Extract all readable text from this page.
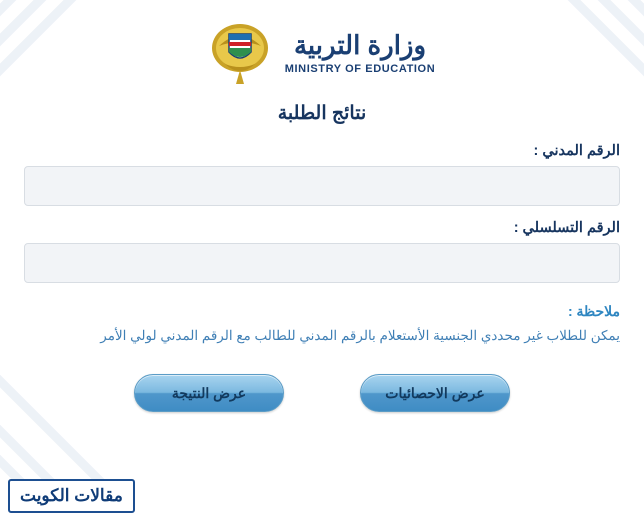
وزارة التربية
MINISTRY OF EDUCATION
نتائج الطلبة
الرقم المدني :
الرقم التسلسلي :
ملاحظة :
يمكن للطلاب غير محددي الجنسية الأستعلام بالرقم المدني للطالب مع الرقم المدني لولي الأمر
عرض الاحصائيات
عرض النتيجة
مقالات الكويت
